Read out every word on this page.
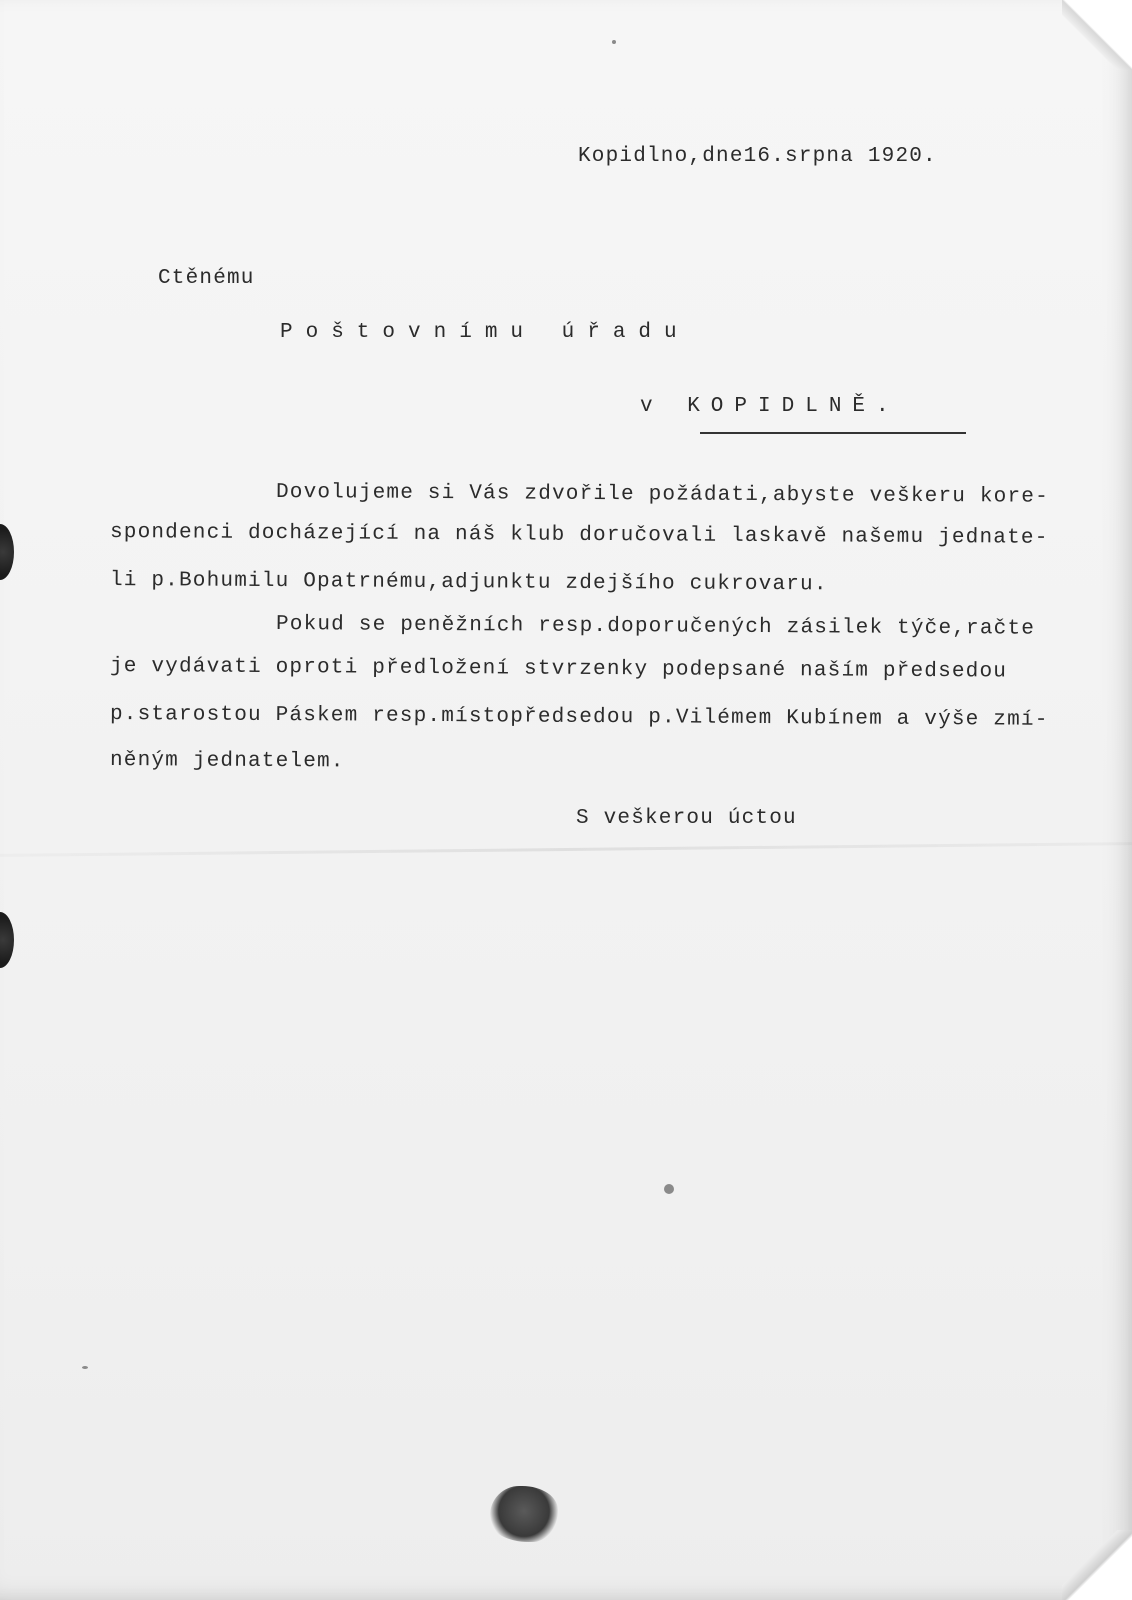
Kopidlno,dne16.srpna 1920.
Ctěnému
Poštovnímu úřadu
v KOPIDLNĚ.
Dovolujeme si Vás zdvořile požádati,abyste veškeru kore-
spondenci docházející na náš klub doručovali laskavě našemu jednate-
li p.Bohumilu Opatrnému,adjunktu zdejšího cukrovaru.
Pokud se peněžních resp.doporučených zásilek týče,račte
je vydávati oproti předložení stvrzenky podepsané naším předsedou
p.starostou Páskem resp.místopředsedou p.Vilémem Kubínem a výše zmí-
něným jednatelem.
S veškerou úctou
